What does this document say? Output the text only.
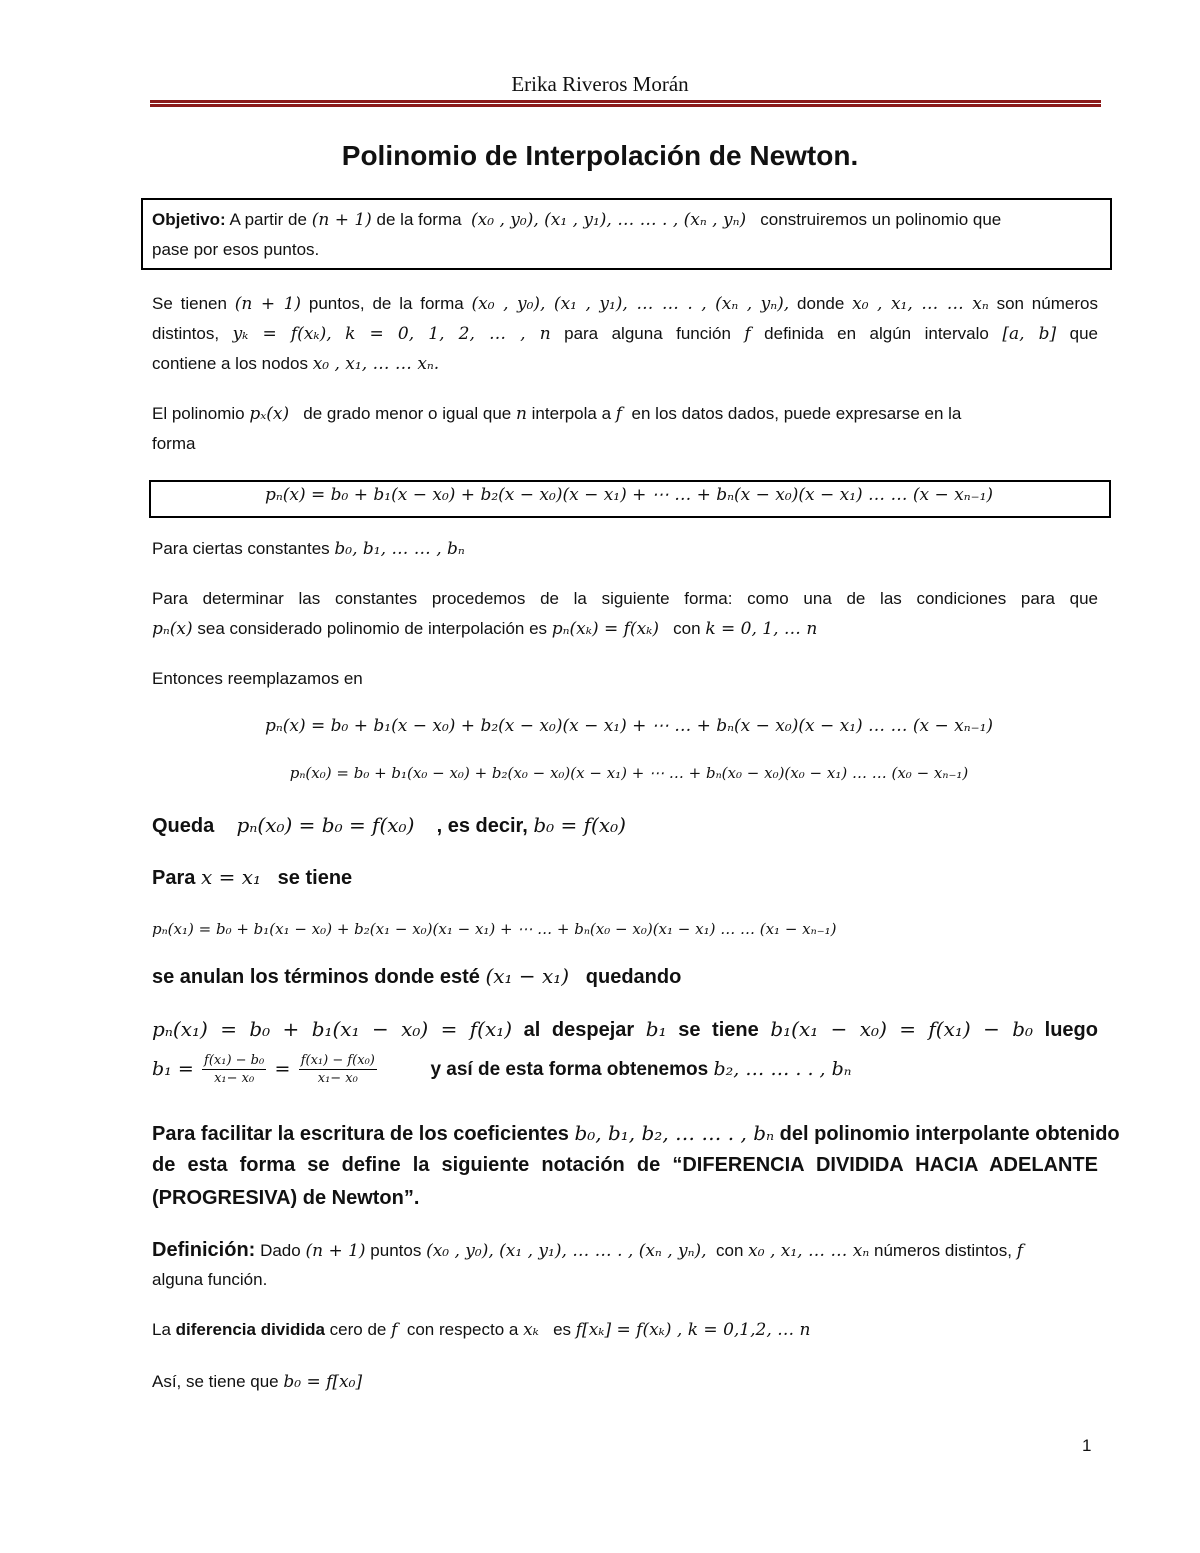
Erika Riveros Morán
Polinomio de Interpolación de Newton.
Objetivo: A partir de (n + 1) de la forma (x₀ , y₀), (x₁ , y₁), … … . , (xₙ , yₙ) construiremos un polinomio que
pase por esos puntos.
Se tienen (n + 1) puntos, de la forma (x₀ , y₀), (x₁ , y₁), … … . , (xₙ , yₙ), donde x₀ , x₁, … … xₙ son números
distintos, yₖ = f(xₖ), k = 0, 1, 2, … , n para alguna función f definida en algún intervalo [a, b] que
contiene a los nodos x₀ , x₁, … … xₙ.
El polinomio pₓ(x) de grado menor o igual que n interpola a f en los datos dados, puede expresarse en la
forma
pₙ(x) = b₀ + b₁(x − x₀) + b₂(x − x₀)(x − x₁) + ⋯ … + bₙ(x − x₀)(x − x₁) … … (x − xₙ₋₁)
Para ciertas constantes b₀, b₁, … … , bₙ
Para determinar las constantes procedemos de la siguiente forma: como una de las condiciones para que
pₙ(x) sea considerado polinomio de interpolación es pₙ(xₖ) = f(xₖ) con k = 0, 1, … n
Entonces reemplazamos en
pₙ(x) = b₀ + b₁(x − x₀) + b₂(x − x₀)(x − x₁) + ⋯ … + bₙ(x − x₀)(x − x₁) … … (x − xₙ₋₁)
pₙ(x₀) = b₀ + b₁(x₀ − x₀) + b₂(x₀ − x₀)(x − x₁) + ⋯ … + bₙ(x₀ − x₀)(x₀ − x₁) … … (x₀ − xₙ₋₁)
Queda pₙ(x₀) = b₀ = f(x₀) , es decir, b₀ = f(x₀)
Para x = x₁ se tiene
pₙ(x₁) = b₀ + b₁(x₁ − x₀) + b₂(x₁ − x₀)(x₁ − x₁) + ⋯ … + bₙ(x₀ − x₀)(x₁ − x₁) … … (x₁ − xₙ₋₁)
se anulan los términos donde esté (x₁ − x₁) quedando
pₙ(x₁) = b₀ + b₁(x₁ − x₀) = f(x₁) al despejar b₁ se tiene b₁(x₁ − x₀) = f(x₁) − b₀ luego
$b_1 = \frac{\text{f(x₁) − b₀}}{\text{x₁− x₀}} = \frac{\text{f(x₁) − f(x₀)}}{\text{x₁− x₀}}$	y así de esta forma obtenemos b₂, … … . . , bₙ
Para facilitar la escritura de los coeficientes b₀, b₁, b₂, … … . , bₙ del polinomio interpolante obtenido
de esta forma se define la siguiente notación de “DIFERENCIA DIVIDIDA HACIA ADELANTE
(PROGRESIVA) de Newton”.
Definición: Dado (n + 1) puntos (x₀ , y₀), (x₁ , y₁), … … . , (xₙ , yₙ), con x₀ , x₁, … … xₙ números distintos, f
alguna función.
La diferencia dividida cero de f con respecto a xₖ es f[xₖ] = f(xₖ) , k = 0,1,2, … n
Así, se tiene que b₀ = f[x₀]
1
